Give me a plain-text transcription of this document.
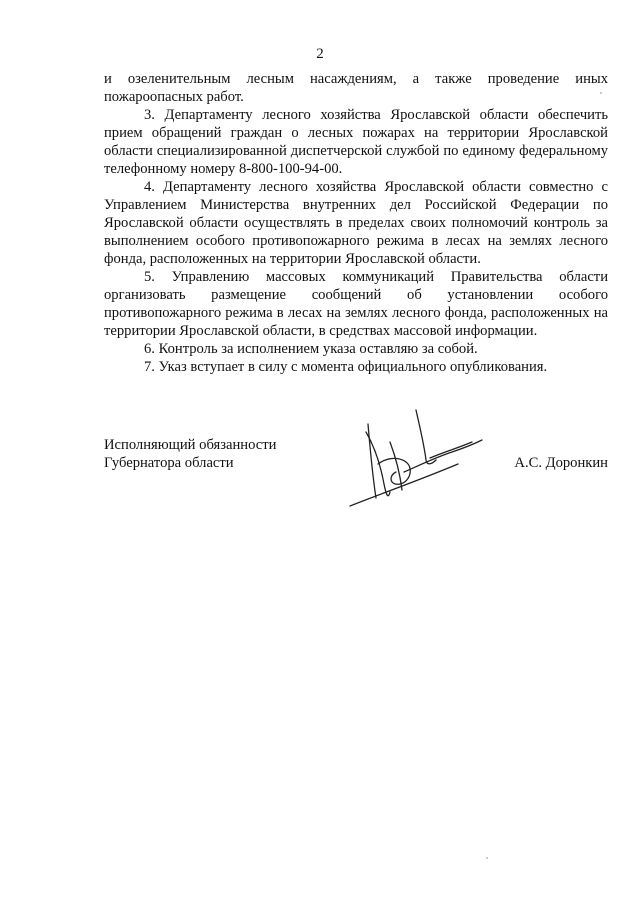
2

и озеленительным лесным насаждениям, а также проведение иных пожароопасных работ.

3. Департаменту лесного хозяйства Ярославской области обеспечить прием обращений граждан о лесных пожарах на территории Ярославской области специализированной диспетчерской службой по единому федеральному телефонному номеру 8-800-100-94-00.

4. Департаменту лесного хозяйства Ярославской области совместно с Управлением Министерства внутренних дел Российской Федерации по Ярославской области осуществлять в пределах своих полномочий контроль за выполнением особого противопожарного режима в лесах на землях лесного фонда, расположенных на территории Ярославской области.

5. Управлению массовых коммуникаций Правительства области организовать размещение сообщений об установлении особого противопожарного режима в лесах на землях лесного фонда, расположенных на территории Ярославской области, в средствах массовой информации.

6. Контроль за исполнением указа оставляю за собой.

7. Указ вступает в силу с момента официального опубликования.

Исполняющий обязанности
Губернатора области	А.С. Доронкин
